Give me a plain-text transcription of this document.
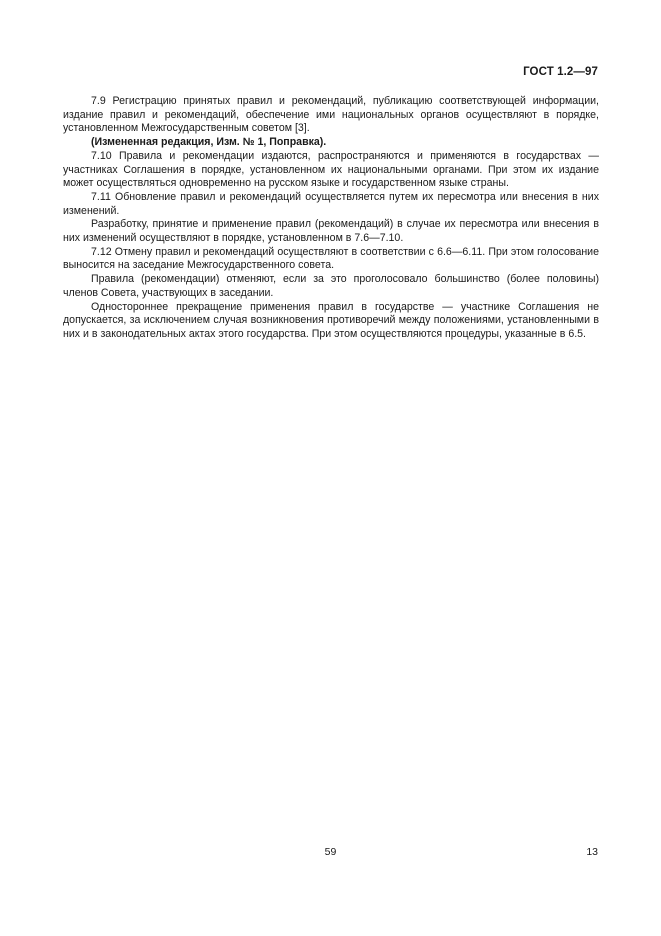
ГОСТ 1.2—97

7.9 Регистрацию принятых правил и рекомендаций, публикацию соответствующей информации, издание правил и рекомендаций, обеспечение ими национальных органов осуществляют в порядке, установленном Межгосударственным советом [3].

(Измененная редакция, Изм. № 1, Поправка).

7.10 Правила и рекомендации издаются, распространяются и применяются в государствах — участниках Соглашения в порядке, установленном их национальными органами. При этом их издание может осуществляться одновременно на русском языке и государственном языке страны.

7.11 Обновление правил и рекомендаций осуществляется путем их пересмотра или внесения в них изменений.

Разработку, принятие и применение правил (рекомендаций) в случае их пересмотра или внесения в них изменений осуществляют в порядке, установленном в 7.6—7.10.

7.12 Отмену правил и рекомендаций осуществляют в соответствии с 6.6—6.11. При этом голосование выносится на заседание Межгосударственного совета.

Правила (рекомендации) отменяют, если за это проголосовало большинство (более половины) членов Совета, участвующих в заседании.

Одностороннее прекращение применения правил в государстве — участнике Соглашения не допускается, за исключением случая возникновения противоречий между положениями, установленными в них и в законодательных актах этого государства. При этом осуществляются процедуры, указанные в 6.5.

59	13
